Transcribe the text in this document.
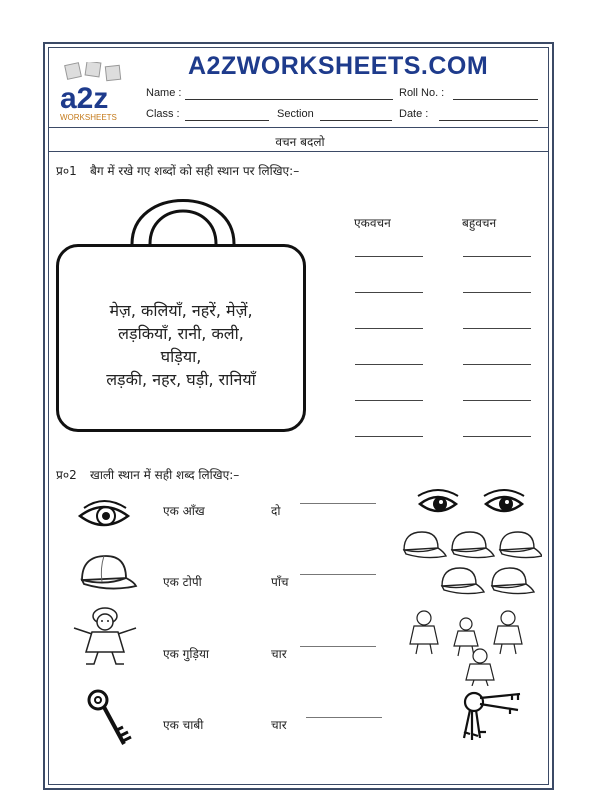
a2z
WORKSHEETS
A2ZWORKSHEETS.COM
Name :	Roll No. :
Class :	Section	Date :
वचन बदलो
प्र०1 बैग में रखे गए शब्दों को सही स्थान पर लिखिए:–
मेज़, कलियाँ, नहरें, मेज़ें,
लड़कियाँ, रानी, कली,
घड़िया,
लड़की, नहर, घड़ी, रानियाँ
एकवचन	बहुवचन
प्र०2 खाली स्थान में सही शब्द लिखिए:–
एक आँख	दो
एक टोपी	पाँच
एक गुड़िया	चार
एक चाबी	चार
